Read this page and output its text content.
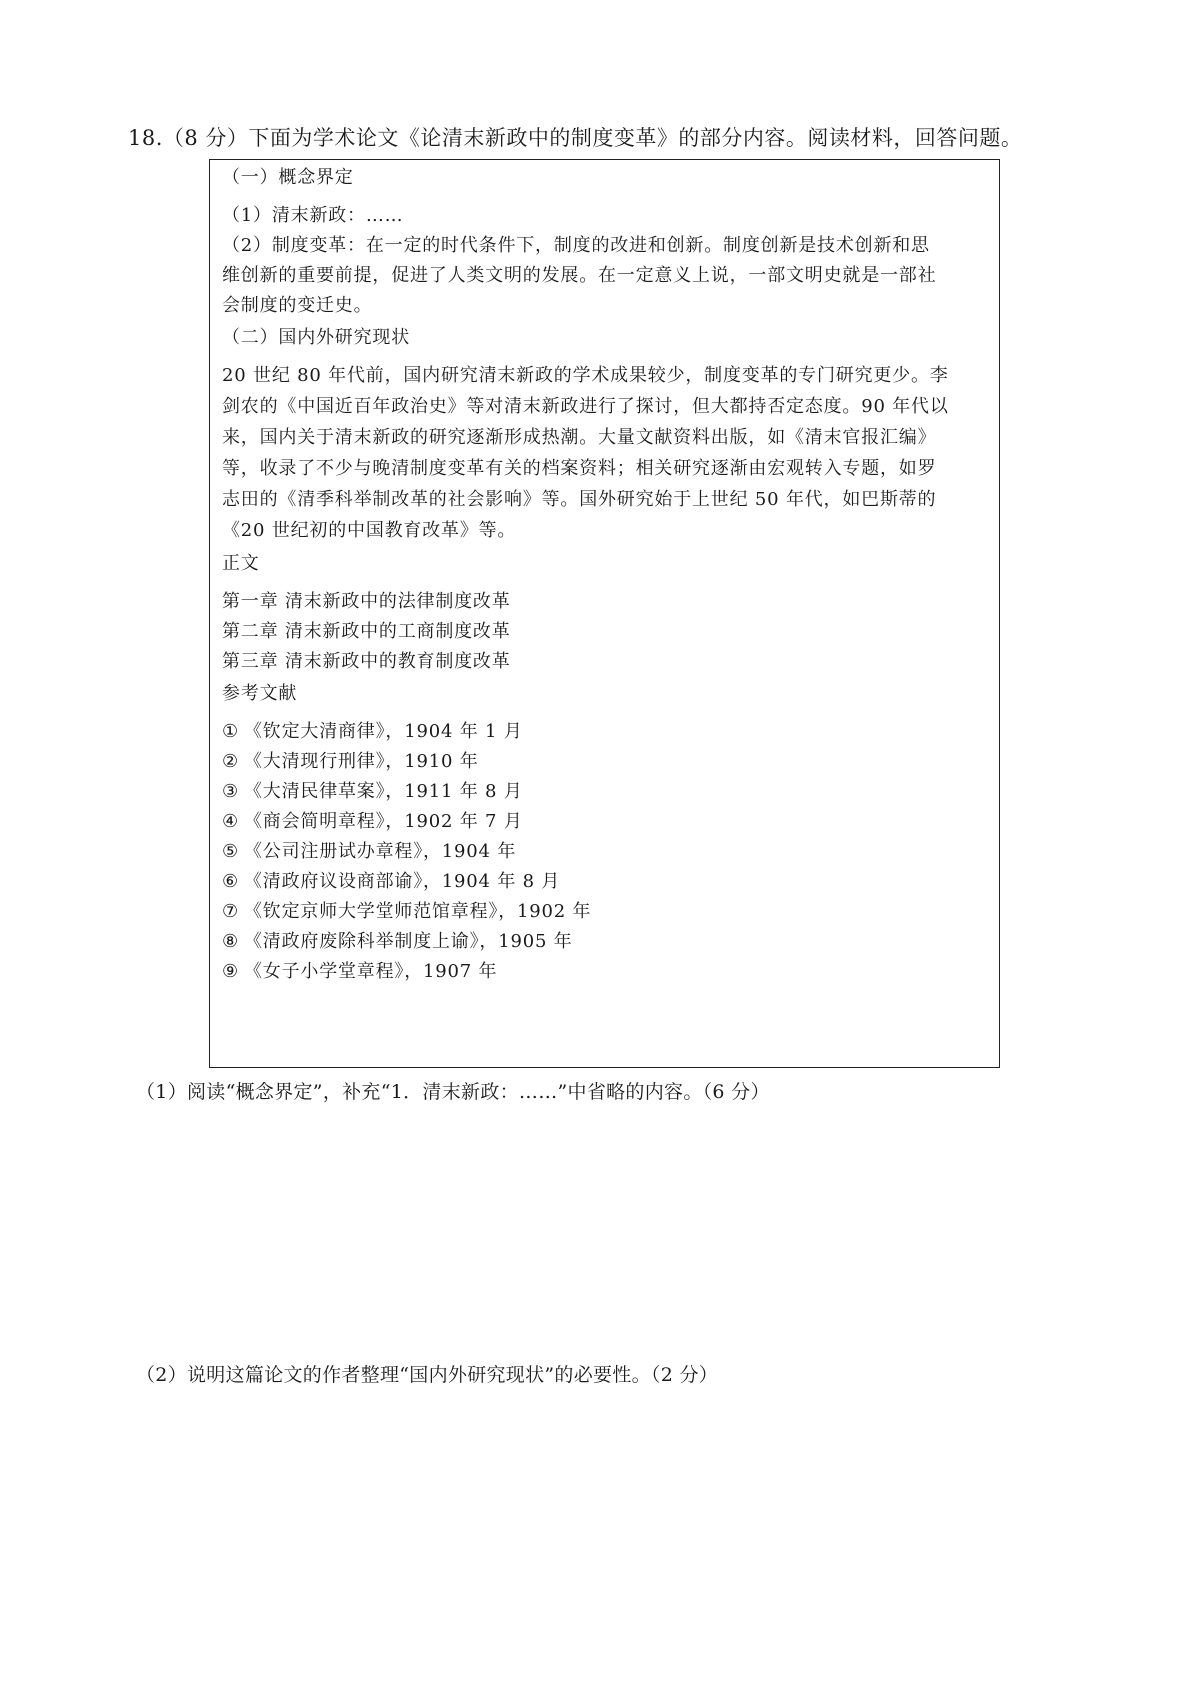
18.（8 分）下面为学术论文《论清末新政中的制度变革》的部分内容。阅读材料，回答问题。
（一）概念界定
（1）清末新政：……
（2）制度变革：在一定的时代条件下，制度的改进和创新。制度创新是技术创新和思
维创新的重要前提，促进了人类文明的发展。在一定意义上说，一部文明史就是一部社
会制度的变迁史。
（二）国内外研究现状
20 世纪 80 年代前，国内研究清末新政的学术成果较少，制度变革的专门研究更少。李
剑农的《中国近百年政治史》等对清末新政进行了探讨，但大都持否定态度。90 年代以
来，国内关于清末新政的研究逐渐形成热潮。大量文献资料出版，如《清末官报汇编》
等，收录了不少与晚清制度变革有关的档案资料；相关研究逐渐由宏观转入专题，如罗
志田的《清季科举制改革的社会影响》等。国外研究始于上世纪 50 年代，如巴斯蒂的
《20 世纪初的中国教育改革》等。
正文
第一章 清末新政中的法律制度改革
第二章 清末新政中的工商制度改革
第三章 清末新政中的教育制度改革
参考文献
① 《钦定大清商律》，1904 年 1 月
② 《大清现行刑律》，1910 年
③ 《大清民律草案》，1911 年 8 月
④ 《商会简明章程》，1902 年 7 月
⑤ 《公司注册试办章程》，1904 年
⑥ 《清政府议设商部谕》，1904 年 8 月
⑦ 《钦定京师大学堂师范馆章程》，1902 年
⑧ 《清政府废除科举制度上谕》，1905 年
⑨ 《女子小学堂章程》，1907 年
（1）阅读“概念界定”，补充“1．清末新政：……”中省略的内容。（6 分）
（2）说明这篇论文的作者整理“国内外研究现状”的必要性。（2 分）
